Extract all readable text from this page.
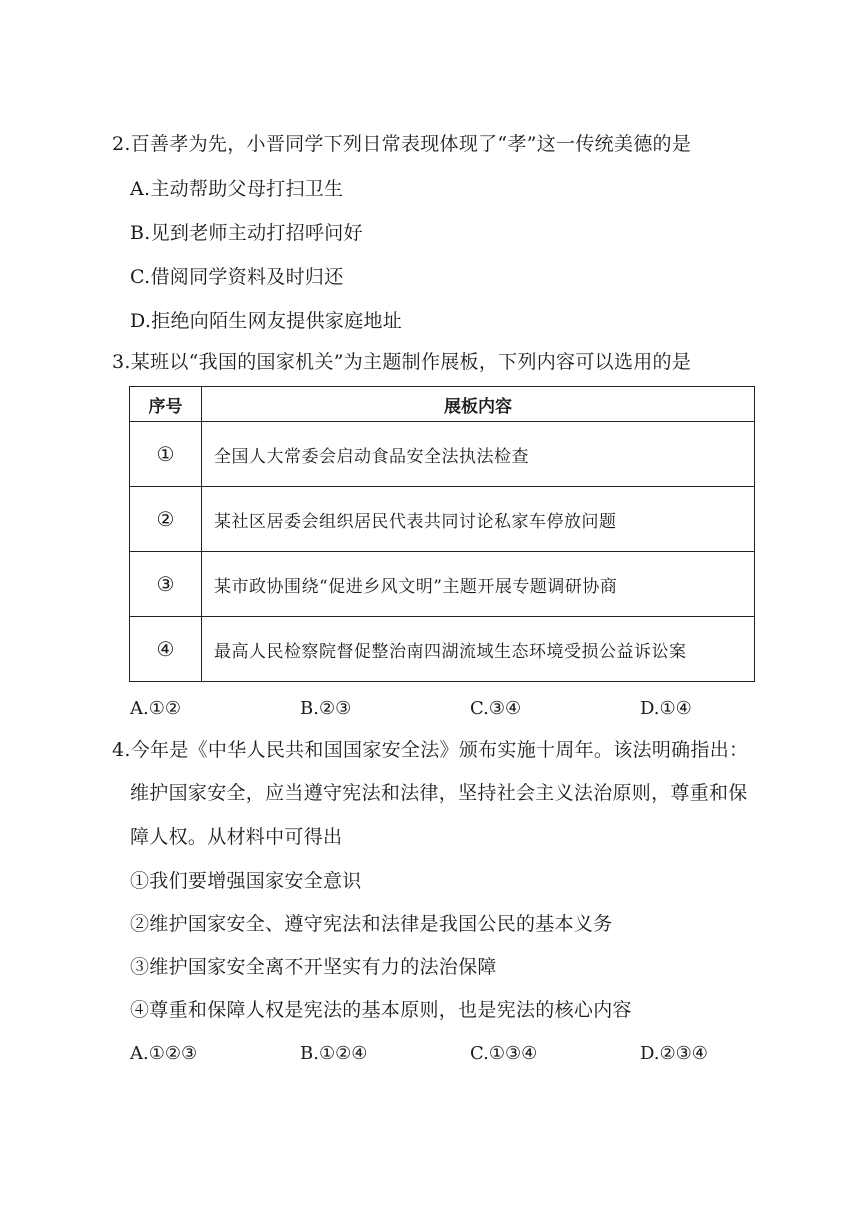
2.百善孝为先，小晋同学下列日常表现体现了“孝”这一传统美德的是
A.主动帮助父母打扫卫生
B.见到老师主动打招呼问好
C.借阅同学资料及时归还
D.拒绝向陌生网友提供家庭地址
3.某班以“我国的国家机关”为主题制作展板，下列内容可以选用的是
序号	展板内容
①	全国人大常委会启动食品安全法执法检查
②	某社区居委会组织居民代表共同讨论私家车停放问题
③	某市政协围绕“促进乡风文明”主题开展专题调研协商
④	最高人民检察院督促整治南四湖流域生态环境受损公益诉讼案
A.①②	B.②③	C.③④	D.①④
4.今年是《中华人民共和国国家安全法》颁布实施十周年。该法明确指出：
维护国家安全，应当遵守宪法和法律，坚持社会主义法治原则，尊重和保
障人权。从材料中可得出
①我们要增强国家安全意识
②维护国家安全、遵守宪法和法律是我国公民的基本义务
③维护国家安全离不开坚实有力的法治保障
④尊重和保障人权是宪法的基本原则，也是宪法的核心内容
A.①②③	B.①②④	C.①③④	D.②③④
